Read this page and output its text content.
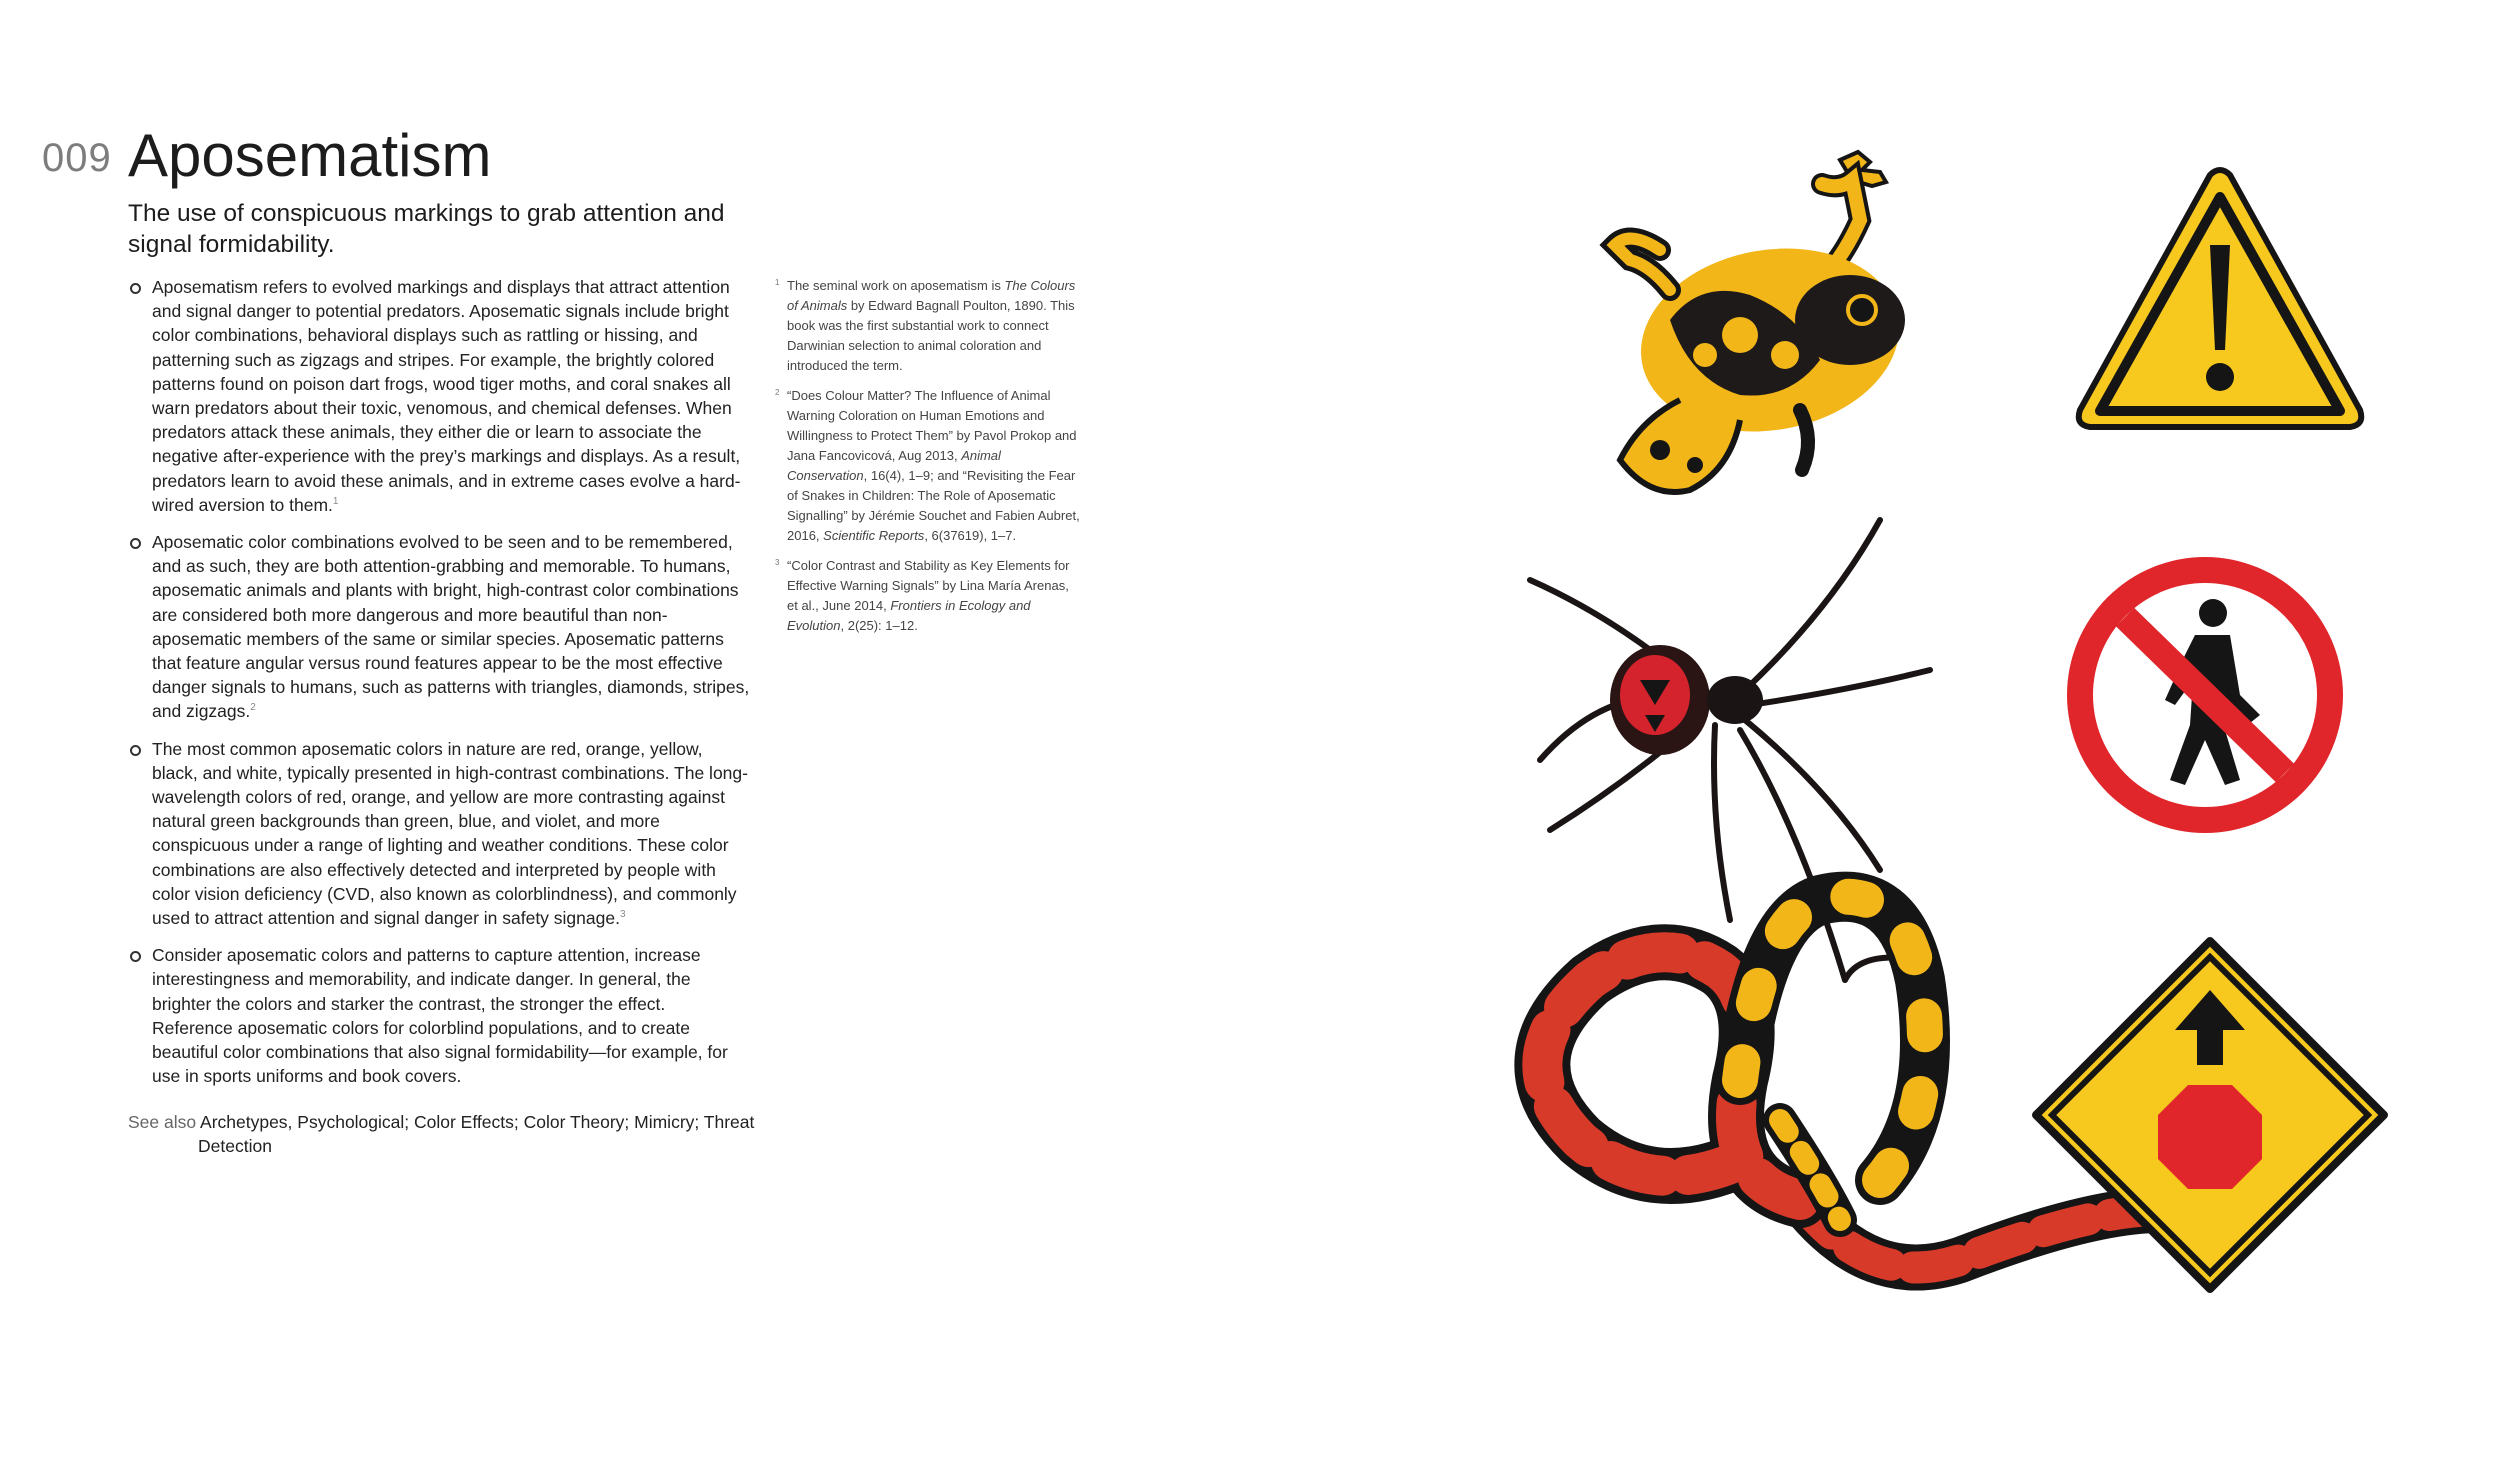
009 Aposematism

The use of conspicuous markings to grab attention and signal formidability.

Aposematism refers to evolved markings and displays that attract attention and signal danger to potential predators. Aposematic signals include bright color combinations, behavioral displays such as rattling or hissing, and patterning such as zigzags and stripes. For example, the brightly colored patterns found on poison dart frogs, wood tiger moths, and coral snakes all warn predators about their toxic, venomous, and chemical defenses. When predators attack these animals, they either die or learn to associate the negative after-experience with the prey’s markings and displays. As a result, predators learn to avoid these animals, and in extreme cases evolve a hard-wired aversion to them.$^1$
Aposematic color combinations evolved to be seen and to be remembered, and as such, they are both attention-grabbing and memorable. To humans, aposematic animals and plants with bright, high-contrast color combinations are considered both more dangerous and more beautiful than non-aposematic members of the same or similar species. Aposematic patterns that feature angular versus round features appear to be the most effective danger signals to humans, such as patterns with triangles, diamonds, stripes, and zigzags.$^2$
The most common aposematic colors in nature are red, orange, yellow, black, and white, typically presented in high-contrast combinations. The long-wavelength colors of red, orange, and yellow are more contrasting against natural green backgrounds than green, blue, and violet, and more conspicuous under a range of lighting and weather conditions. These color combinations are also effectively detected and interpreted by people with color vision deficiency (CVD, also known as colorblindness), and commonly used to attract attention and signal danger in safety signage.$^3$
Consider aposematic colors and patterns to capture attention, increase interestingness and memorability, and indicate danger. In general, the brighter the colors and starker the contrast, the stronger the effect. Reference aposematic colors for colorblind populations, and to create beautiful color combinations that also signal formidability—for example, for use in sports uniforms and book covers.
See also Archetypes, Psychological; Color Effects; Color Theory; Mimicry; Threat Detection
1 The seminal work on aposematism is The Colours of Animals by Edward Bagnall Poulton, 1890. This book was the first substantial work to connect Darwinian selection to animal coloration and introduced the term.
2 “Does Colour Matter? The Influence of Animal Warning Coloration on Human Emotions and Willingness to Protect Them” by Pavol Prokop and Jana Fancovicová, Aug 2013, Animal Conservation, 16(4), 1–9; and “Revisiting the Fear of Snakes in Children: The Role of Aposematic Signalling” by Jérémie Souchet and Fabien Aubret, 2016, Scientific Reports, 6(37619), 1–7.
3 “Color Contrast and Stability as Key Elements for Effective Warning Signals” by Lina María Arenas, et al., June 2014, Frontiers in Ecology and Evolution, 2(25): 1–12.
